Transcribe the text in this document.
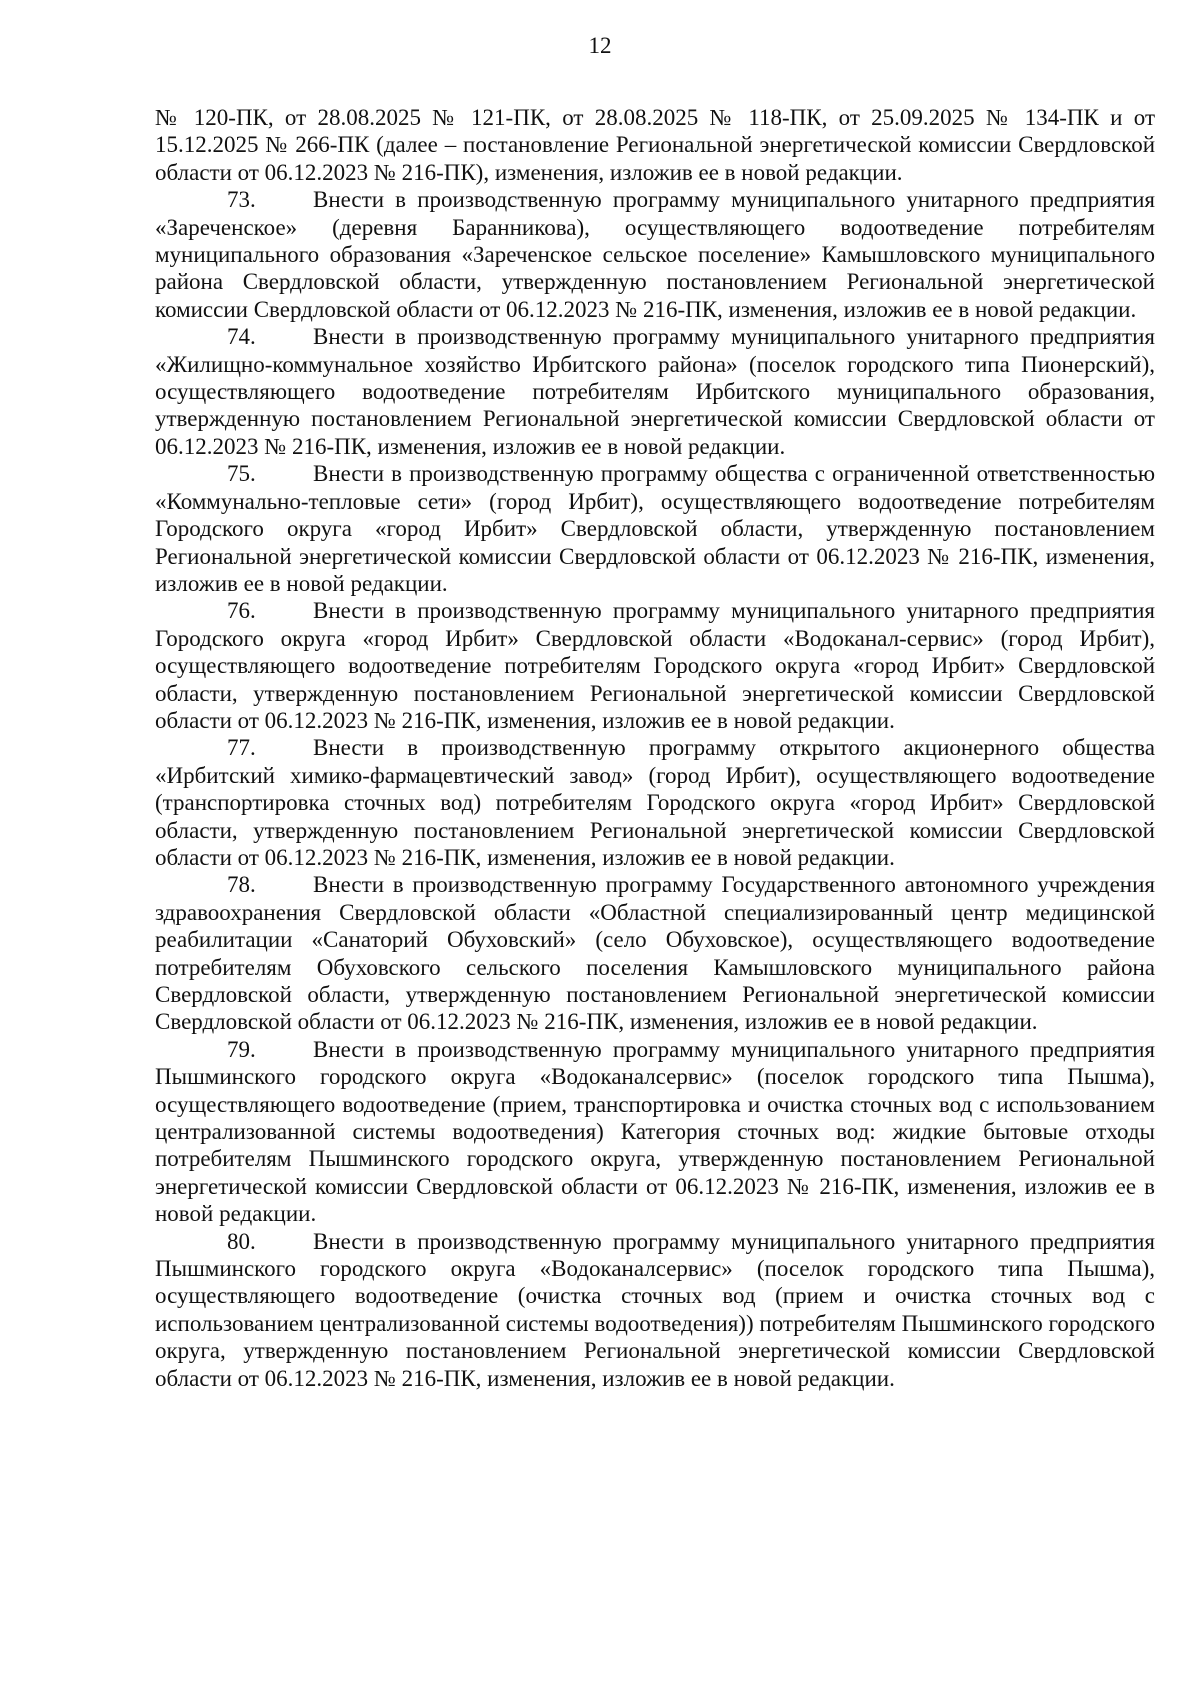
12

№ 120-ПК, от 28.08.2025 № 121-ПК, от 28.08.2025 № 118-ПК, от 25.09.2025 № 134-ПК и от 15.12.2025 № 266-ПК (далее – постановление Региональной энергетической комиссии Свердловской области от 06.12.2023 № 216-ПК), изменения, изложив ее в новой редакции.

73. Внести в производственную программу муниципального унитарного предприятия «Зареченское» (деревня Баранникова), осуществляющего водоотведение потребителям муниципального образования «Зареченское сельское поселение» Камышловского муниципального района Свердловской области, утвержденную постановлением Региональной энергетической комиссии Свердловской области от 06.12.2023 № 216-ПК, изменения, изложив ее в новой редакции.

74. Внести в производственную программу муниципального унитарного предприятия «Жилищно-коммунальное хозяйство Ирбитского района» (поселок городского типа Пионерский), осуществляющего водоотведение потребителям Ирбитского муниципального образования, утвержденную постановлением Региональной энергетической комиссии Свердловской области от 06.12.2023 № 216-ПК, изменения, изложив ее в новой редакции.

75. Внести в производственную программу общества с ограниченной ответственностью «Коммунально-тепловые сети» (город Ирбит), осуществляющего водоотведение потребителям Городского округа «город Ирбит» Свердловской области, утвержденную постановлением Региональной энергетической комиссии Свердловской области от 06.12.2023 № 216-ПК, изменения, изложив ее в новой редакции.

76. Внести в производственную программу муниципального унитарного предприятия Городского округа «город Ирбит» Свердловской области «Водоканал-сервис» (город Ирбит), осуществляющего водоотведение потребителям Городского округа «город Ирбит» Свердловской области, утвержденную постановлением Региональной энергетической комиссии Свердловской области от 06.12.2023 № 216-ПК, изменения, изложив ее в новой редакции.

77. Внести в производственную программу открытого акционерного общества «Ирбитский химико-фармацевтический завод» (город Ирбит), осуществляющего водоотведение (транспортировка сточных вод) потребителям Городского округа «город Ирбит» Свердловской области, утвержденную постановлением Региональной энергетической комиссии Свердловской области от 06.12.2023 № 216-ПК, изменения, изложив ее в новой редакции.

78. Внести в производственную программу Государственного автономного учреждения здравоохранения Свердловской области «Областной специализированный центр медицинской реабилитации «Санаторий Обуховский» (село Обуховское), осуществляющего водоотведение потребителям Обуховского сельского поселения Камышловского муниципального района Свердловской области, утвержденную постановлением Региональной энергетической комиссии Свердловской области от 06.12.2023 № 216-ПК, изменения, изложив ее в новой редакции.

79. Внести в производственную программу муниципального унитарного предприятия Пышминского городского округа «Водоканалсервис» (поселок городского типа Пышма), осуществляющего водоотведение (прием, транспортировка и очистка сточных вод с использованием централизованной системы водоотведения) Категория сточных вод: жидкие бытовые отходы потребителям Пышминского городского округа, утвержденную постановлением Региональной энергетической комиссии Свердловской области от 06.12.2023 № 216-ПК, изменения, изложив ее в новой редакции.

80. Внести в производственную программу муниципального унитарного предприятия Пышминского городского округа «Водоканалсервис» (поселок городского типа Пышма), осуществляющего водоотведение (очистка сточных вод (прием и очистка сточных вод с использованием централизованной системы водоотведения)) потребителям Пышминского городского округа, утвержденную постановлением Региональной энергетической комиссии Свердловской области от 06.12.2023 № 216-ПК, изменения, изложив ее в новой редакции.
